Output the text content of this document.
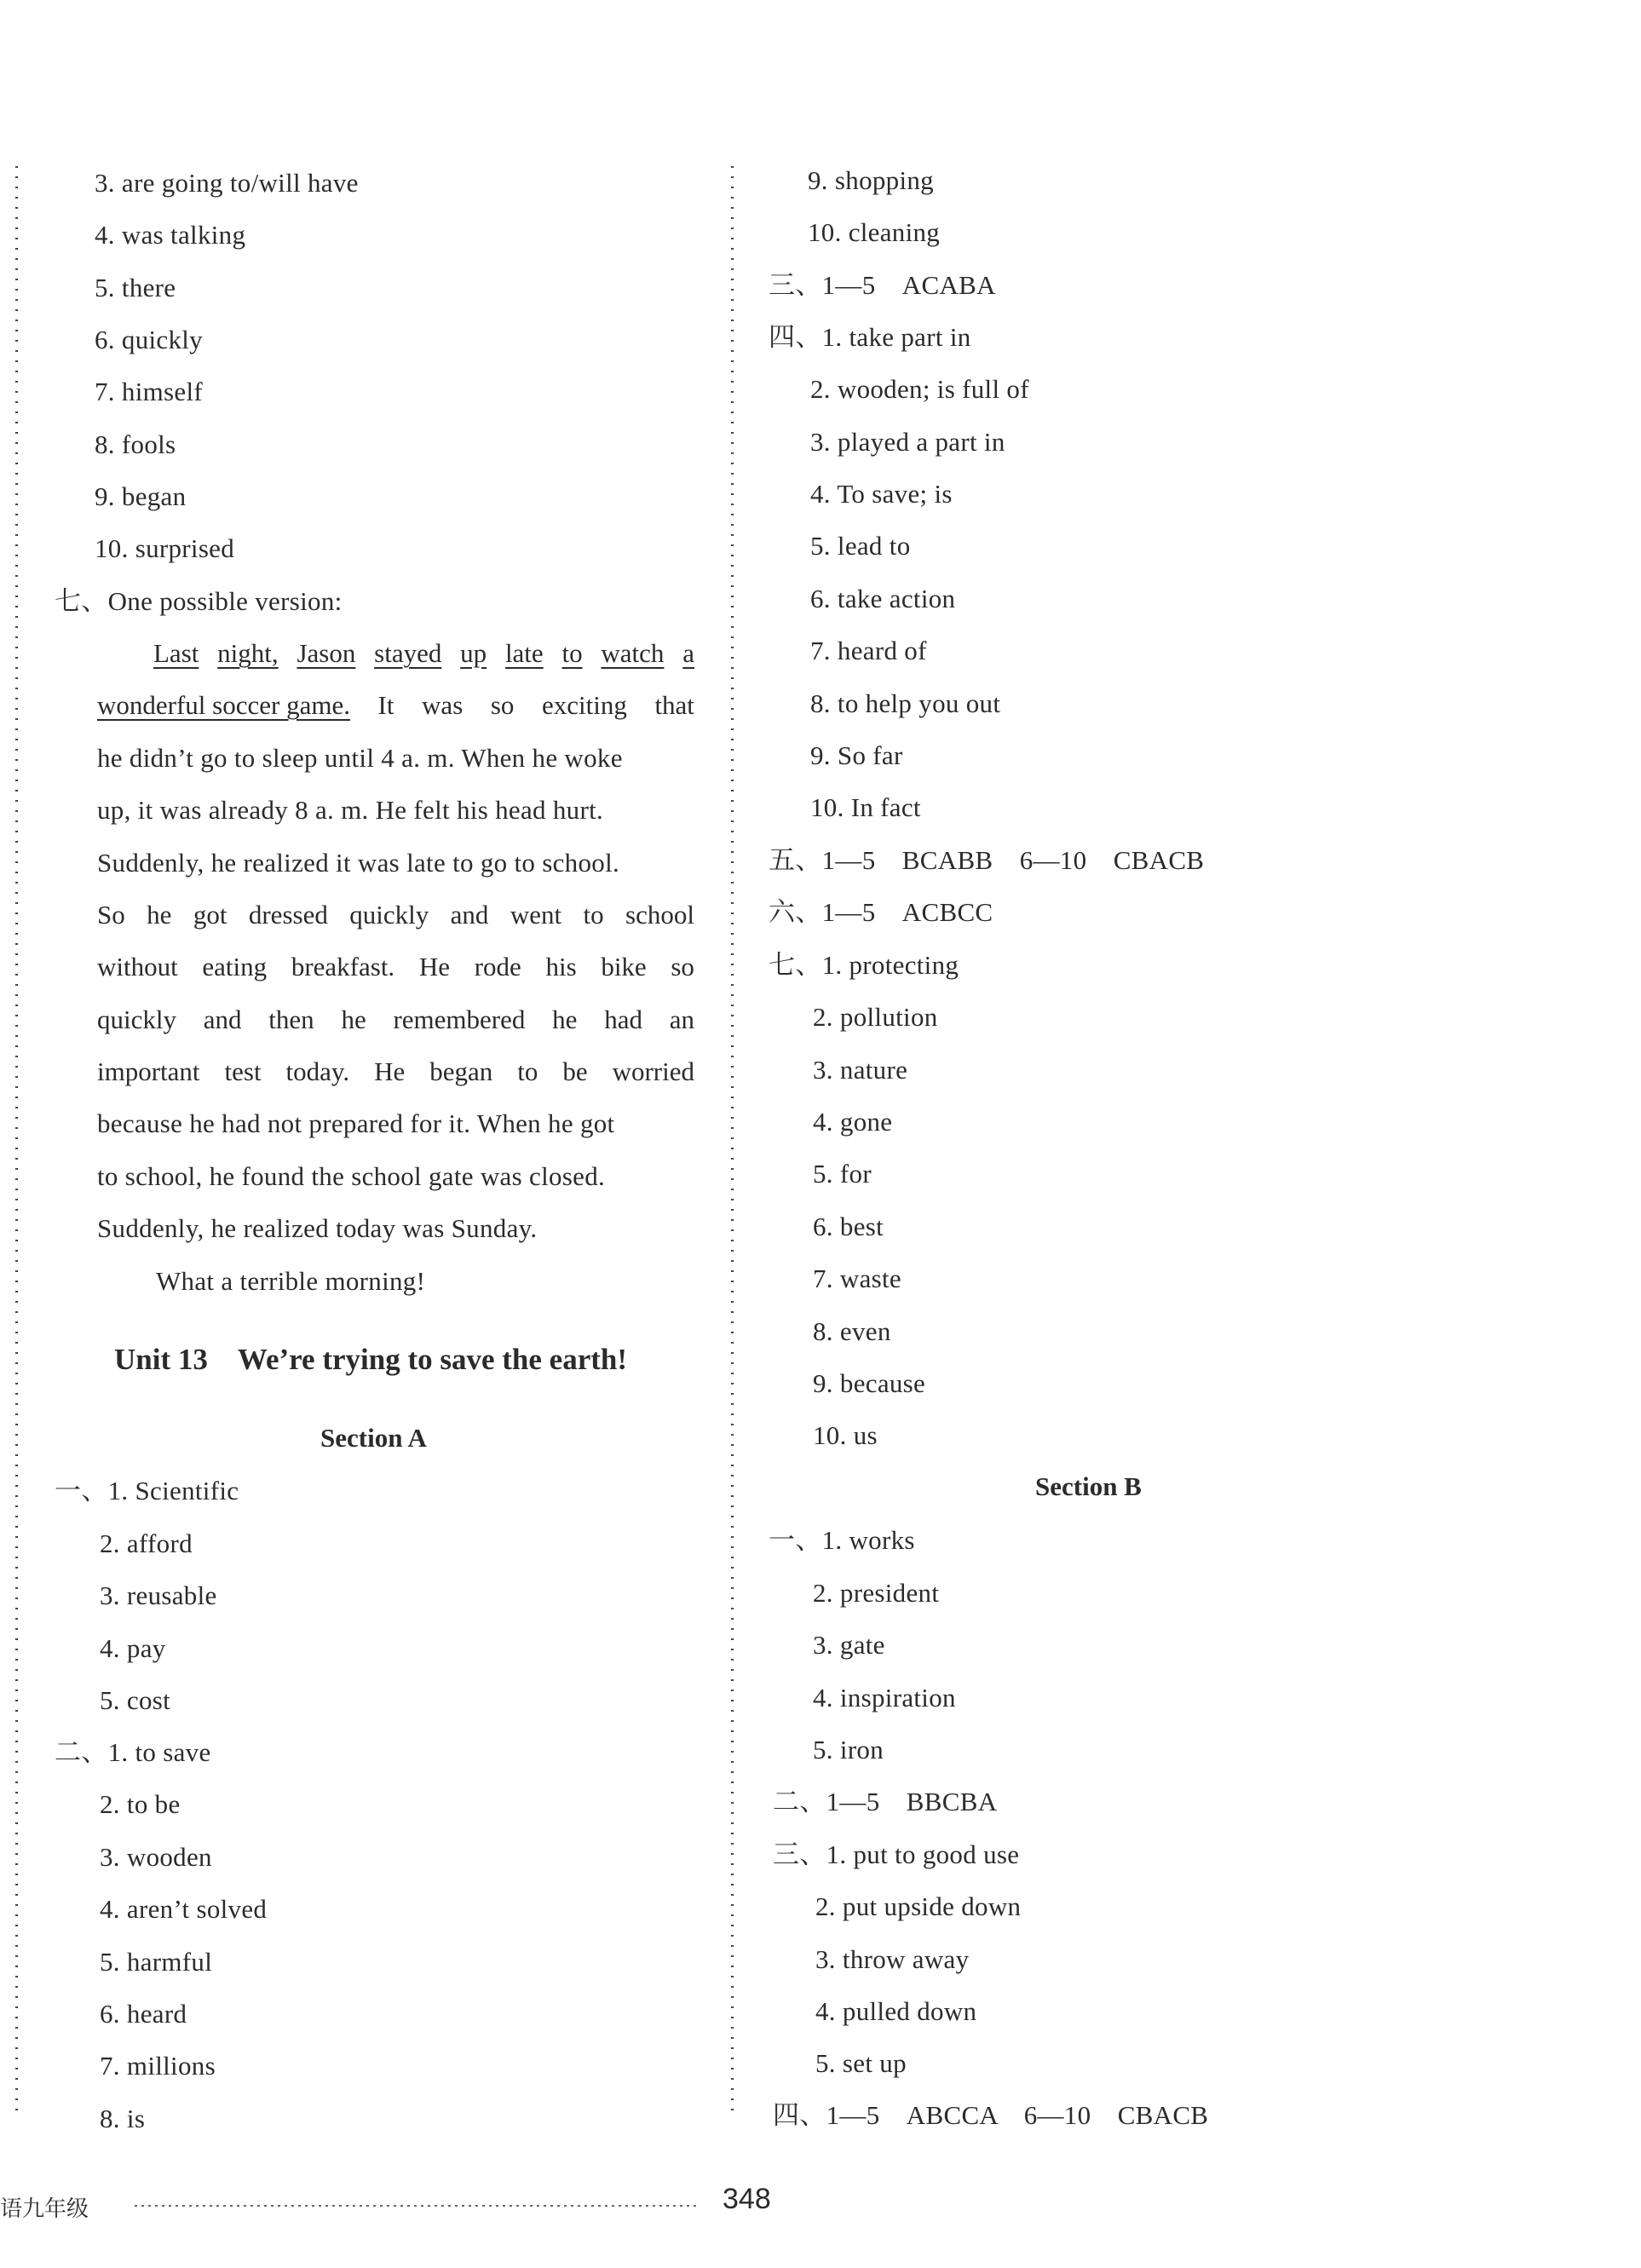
3. are going to/will have
4. was talking
5. there
6. quickly
7. himself
8. fools
9. began
10. surprised
七、One possible version:
Last night, Jason stayed up late to watch a
wonderful soccer game. It was so exciting that
he didn’t go to sleep until 4 a. m. When he woke
up, it was already 8 a. m. He felt his head hurt.
Suddenly, he realized it was late to go to school.
So he got dressed quickly and went to school
without eating breakfast. He rode his bike so
quickly and then he remembered he had an
important test today. He began to be worried
because he had not prepared for it. When he got
to school, he found the school gate was closed.
Suddenly, he realized today was Sunday.
What a terrible morning!
Unit 13　We’re trying to save the earth!
Section A
一、1. Scientific
2. afford
3. reusable
4. pay
5. cost
二、1. to save
2. to be
3. wooden
4. aren’t solved
5. harmful
6. heard
7. millions
8. is
9. shopping
10. cleaning
三、1—5　ACABA
四、1. take part in
2. wooden; is full of
3. played a part in
4. To save; is
5. lead to
6. take action
7. heard of
8. to help you out
9. So far
10. In fact
五、1—5　BCABB　6—10　CBACB
六、1—5　ACBCC
七、1. protecting
2. pollution
3. nature
4. gone
5. for
6. best
7. waste
8. even
9. because
10. us
Section B
一、1. works
2. president
3. gate
4. inspiration
5. iron
二、1—5　BBCBA
三、1. put to good use
2. put upside down
3. throw away
4. pulled down
5. set up
四、1—5　ABCCA　6—10　CBACB
语九年级	348
